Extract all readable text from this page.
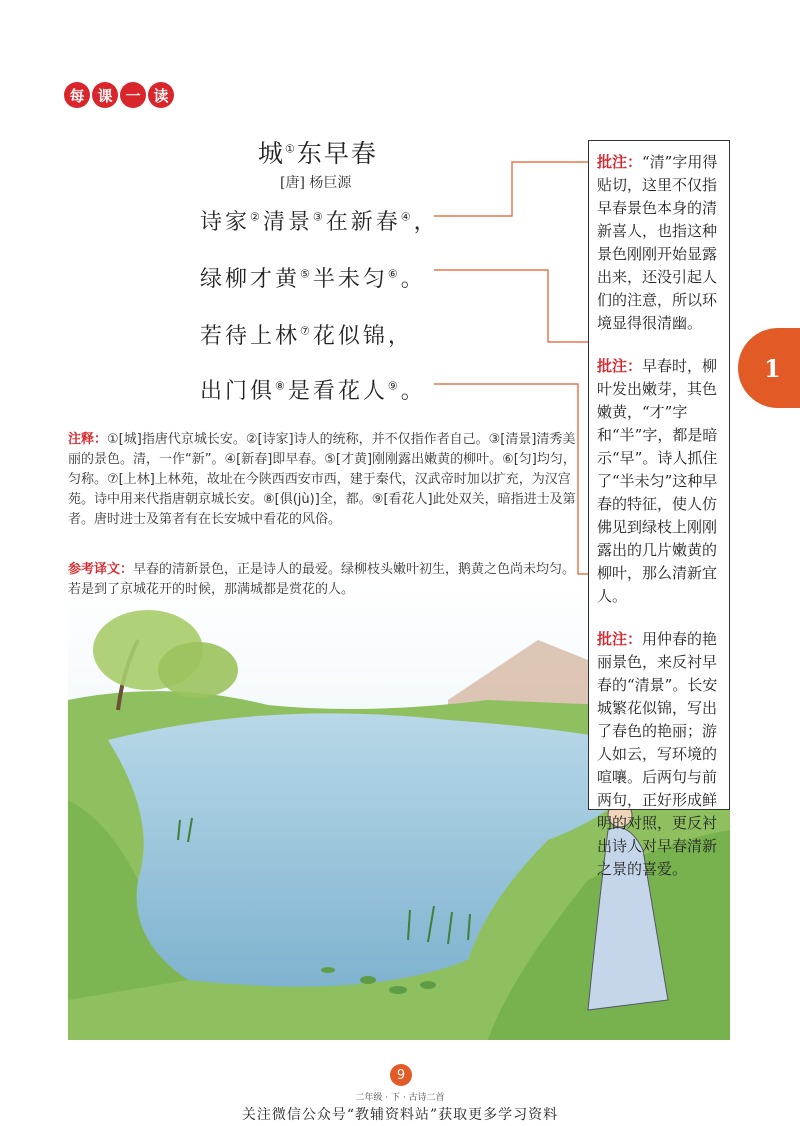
每 课 一 读
城①东早春
[唐] 杨巨源
诗家②清景③在新春④，
绿柳才黄⑤半未匀⑥。
若待上林⑦花似锦，
出门俱⑧是看花人⑨。
注释：①[城]指唐代京城长安。②[诗家]诗人的统称，并不仅指作者自己。③[清景]清秀美丽的景色。清，一作“新”。④[新春]即早春。⑤[才黄]刚刚露出嫩黄的柳叶。⑥[匀]均匀，匀称。⑦[上林]上林苑，故址在今陕西西安市西，建于秦代，汉武帝时加以扩充，为汉宫苑。诗中用来代指唐朝京城长安。⑧[俱(jù)]全，都。⑨[看花人]此处双关，暗指进士及第者。唐时进士及第者有在长安城中看花的风俗。
参考译文：早春的清新景色，正是诗人的最爱。绿柳枝头嫩叶初生，鹅黄之色尚未均匀。若是到了京城花开的时候，那满城都是赏花的人。
批注：“清”字用得贴切，这里不仅指早春景色本身的清新喜人，也指这种景色刚刚开始显露出来，还没引起人们的注意，所以环境显得很清幽。
批注：早春时，柳叶发出嫩芽，其色嫩黄，“才”字和“半”字，都是暗示“早”。诗人抓住了“半未匀”这种早春的特征，使人仿佛见到绿枝上刚刚露出的几片嫩黄的柳叶，那么清新宜人。
批注：用仲春的艳丽景色，来反衬早春的“清景”。长安城繁花似锦，写出了春色的艳丽；游人如云，写环境的喧嚷。后两句与前两句，正好形成鲜明的对照，更反衬出诗人对早春清新之景的喜爱。
1
9
二年级 · 下 · 古诗二首
关注微信公众号“教辅资料站”获取更多学习资料
